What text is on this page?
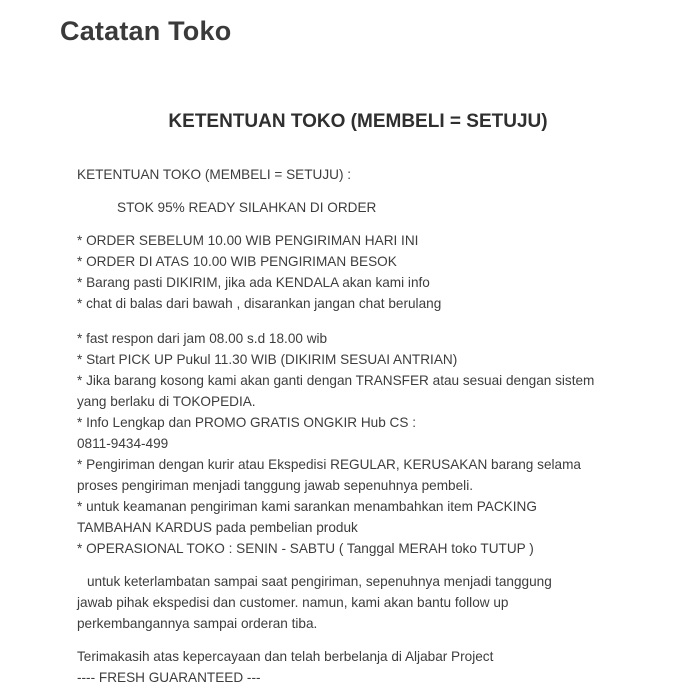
Catatan Toko
KETENTUAN TOKO (MEMBELI = SETUJU)
KETENTUAN TOKO (MEMBELI = SETUJU) :
STOK 95% READY SILAHKAN DI ORDER
* ORDER SEBELUM 10.00 WIB PENGIRIMAN HARI INI
* ORDER DI ATAS 10.00 WIB PENGIRIMAN BESOK
* Barang pasti DIKIRIM, jika ada KENDALA akan kami info
* chat di balas dari bawah , disarankan jangan chat berulang
* fast respon dari jam 08.00 s.d 18.00 wib
* Start PICK UP Pukul 11.30 WIB (DIKIRIM SESUAI ANTRIAN)
* Jika barang kosong kami akan ganti dengan TRANSFER atau sesuai dengan sistem
yang berlaku di TOKOPEDIA.
* Info Lengkap dan PROMO GRATIS ONGKIR Hub CS :
0811-9434-499
* Pengiriman dengan kurir atau Ekspedisi REGULAR, KERUSAKAN barang selama
proses pengiriman menjadi tanggung jawab sepenuhnya pembeli.
* untuk keamanan pengiriman kami sarankan menambahkan item PACKING
TAMBAHAN KARDUS pada pembelian produk
* OPERASIONAL TOKO : SENIN - SABTU ( Tanggal MERAH toko TUTUP )
untuk keterlambatan sampai saat pengiriman, sepenuhnya menjadi tanggung
jawab pihak ekspedisi dan customer. namun, kami akan bantu follow up
perkembangannya sampai orderan tiba.
Terimakasih atas kepercayaan dan telah berbelanja di Aljabar Project
---- FRESH GUARANTEED ---
